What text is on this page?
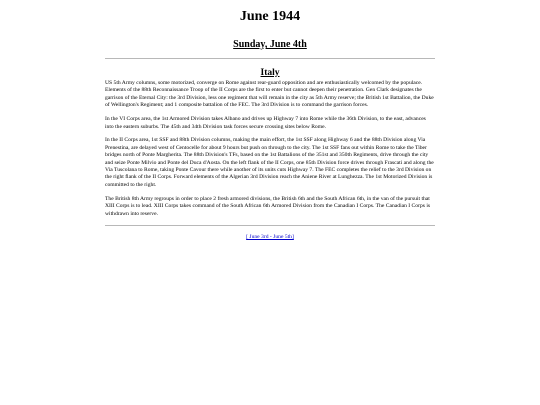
June 1944
Sunday, June 4th
Italy

US 5th Army columns, some motorized, converge on Rome against rear-guard opposition and are enthusiastically welcomed by the populace. Elements of the 88th Reconnaissance Troop of the II Corps are the first to enter but cannot deepen their penetration. Gen Clark designates the garrison of the Eternal City: the 3rd Division, less one regiment that will remain in the city as 5th Army reserve; the British 1st Battalion, the Duke of Wellington's Regiment; and 1 composite battalion of the FEC. The 3rd Division is to command the garrison forces.

In the VI Corps area, the 1st Armored Division takes Albano and drives up Highway 7 into Rome while the 36th Division, to the east, advances into the eastern suburbs. The 45th and 34th Division task forces secure crossing sites below Rome.

In the II Corps area, 1st SSF and 88th Division columns, making the main effort, the 1st SSF along Highway 6 and the 88th Division along Via Prenestina, are delayed west of Centocelle for about 9 hours but push on through to the city. The 1st SSF fans out within Rome to take the Tiber bridges north of Ponte Margherita. The 88th Division's TFs, based on the 1st Battalions of the 351st and 350th Regiments, drive through the city and seize Ponte Milvio and Ponte del Duca d'Aosta. On the left flank of the II Corps, one 85th Division force drives through Frascati and along the Via Tuscolana to Rome, taking Ponte Cavour there while another of its units cuts Highway 7. The FEC completes the relief to the 3rd Division on the right flank of the II Corps. Forward elements of the Algerian 3rd Division reach the Aniene River at Lunghezza. The 1st Motorized Division is committed to the right.

The British 8th Army regroups in order to place 2 fresh armored divisions, the British 6th and the South African 6th, in the van of the pursuit that XIII Corps is to lead. XIII Corps takes command of the South African 6th Armored Division from the Canadian I Corps. The Canadian I Corps is withdrawn into reserve.

[ June 3rd - June 5th]
